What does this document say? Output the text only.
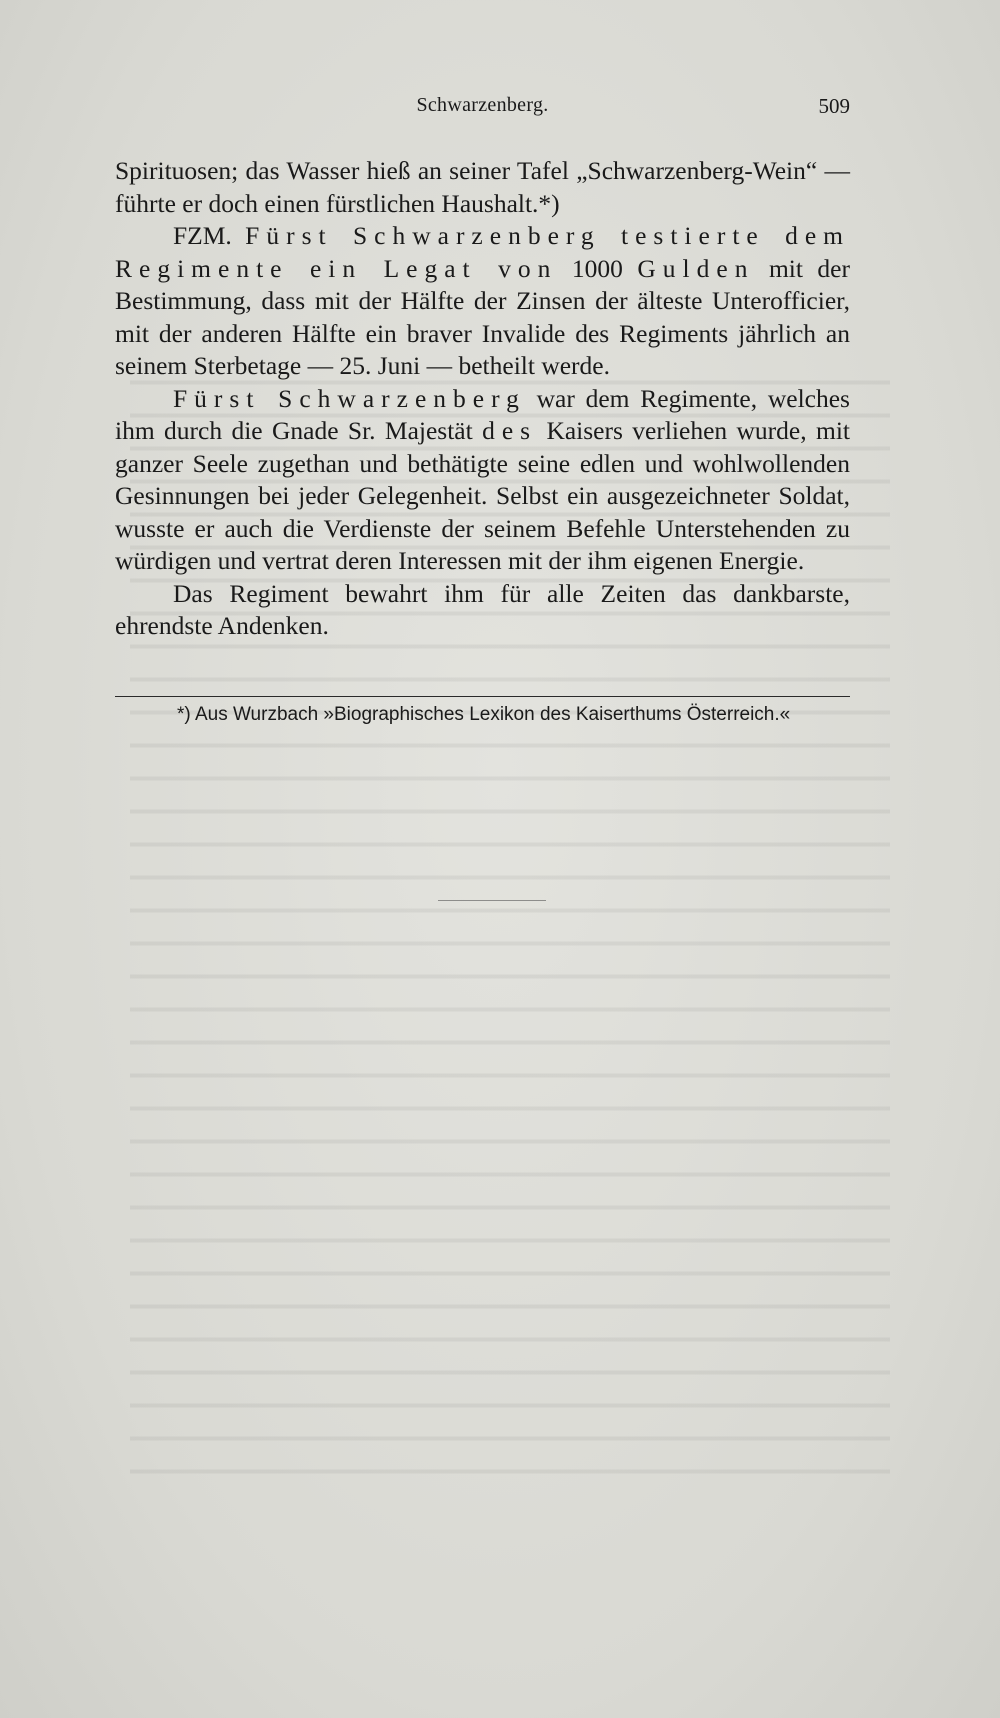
Schwarzenberg.	509

Spirituosen; das Wasser hieß an seiner Tafel „Schwarzenberg-Wein“ — führte er doch einen fürstlichen Haushalt.*)

FZM. Fürst Schwarzenberg testierte dem Regimente ein Legat von 1000 Gulden mit der Bestimmung, dass mit der Hälfte der Zinsen der älteste Unterofficier, mit der anderen Hälfte ein braver Invalide des Regiments jährlich an seinem Sterbetage — 25. Juni — betheilt werde.

Fürst Schwarzenberg war dem Regimente, welches ihm durch die Gnade Sr. Majestät des Kaisers verliehen wurde, mit ganzer Seele zugethan und bethätigte seine edlen und wohlwollenden Gesinnungen bei jeder Gelegenheit. Selbst ein ausgezeichneter Soldat, wusste er auch die Verdienste der seinem Befehle Unterstehenden zu würdigen und vertrat deren Interessen mit der ihm eigenen Energie.

Das Regiment bewahrt ihm für alle Zeiten das dankbarste, ehrendste Andenken.

*) Aus Wurzbach »Biographisches Lexikon des Kaiserthums Österreich.«
